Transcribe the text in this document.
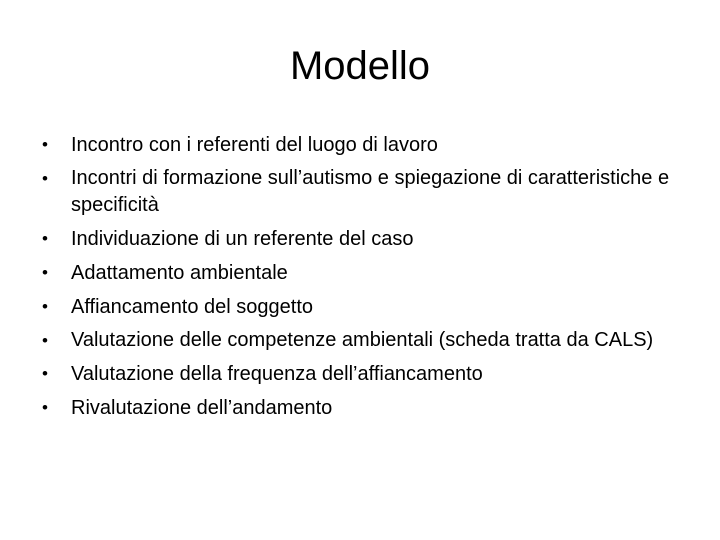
Modello
• Incontro con i referenti del luogo di lavoro
• Incontri di formazione sull’autismo e spiegazione di caratteristiche e specificità
• Individuazione di un referente del caso
• Adattamento ambientale
• Affiancamento del soggetto
• Valutazione delle competenze ambientali (scheda tratta da CALS)
• Valutazione della frequenza dell’affiancamento
• Rivalutazione dell’andamento
